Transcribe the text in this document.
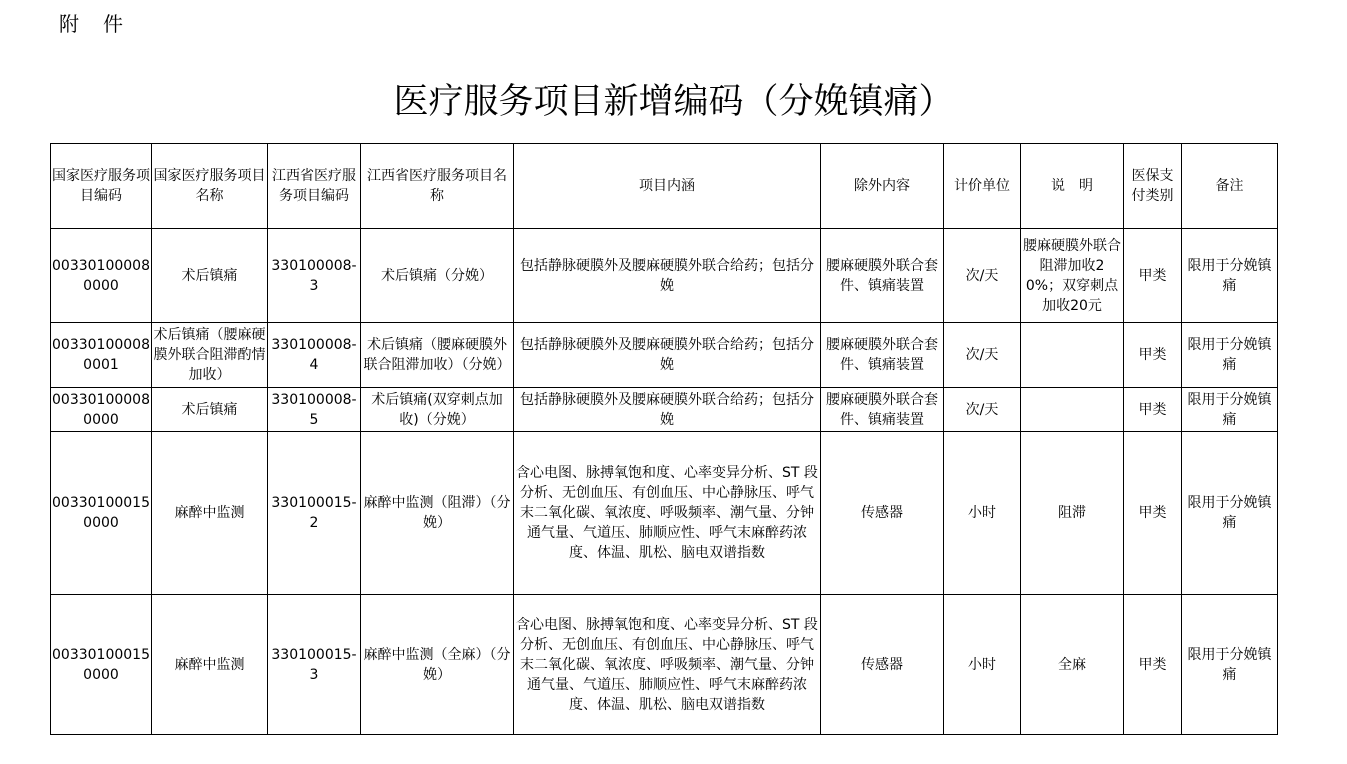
附　件
医疗服务项目新增编码（分娩镇痛）
国家医疗服务项目编码	国家医疗服务项目名称	江西省医疗服务项目编码	江西省医疗服务项目名称	项目内涵	除外内容	计价单位	说　明	医保支付类别	备注
003301000080000	术后镇痛	330100008-3	术后镇痛（分娩）	包括静脉硬膜外及腰麻硬膜外联合给药；包括分娩	腰麻硬膜外联合套件、镇痛装置	次/天	腰麻硬膜外联合阻滞加收20%；双穿刺点加收20元	甲类	限用于分娩镇痛
003301000080001	术后镇痛（腰麻硬膜外联合阻滞酌情加收）	330100008-4	术后镇痛（腰麻硬膜外联合阻滞加收）（分娩）	包括静脉硬膜外及腰麻硬膜外联合给药；包括分娩	腰麻硬膜外联合套件、镇痛装置	次/天		甲类	限用于分娩镇痛
003301000080000	术后镇痛	330100008-5	术后镇痛(双穿刺点加收)（分娩）	包括静脉硬膜外及腰麻硬膜外联合给药；包括分娩	腰麻硬膜外联合套件、镇痛装置	次/天		甲类	限用于分娩镇痛
003301000150000	麻醉中监测	330100015-2	麻醉中监测（阻滞）（分娩）	含心电图、脉搏氧饱和度、心率变异分析、ST 段分析、无创血压、有创血压、中心静脉压、呼气末二氧化碳、氧浓度、呼吸频率、潮气量、分钟通气量、气道压、肺顺应性、呼气末麻醉药浓度、体温、肌松、脑电双谱指数	传感器	小时	阻滞	甲类	限用于分娩镇痛
003301000150000	麻醉中监测	330100015-3	麻醉中监测（全麻）（分娩）	含心电图、脉搏氧饱和度、心率变异分析、ST 段分析、无创血压、有创血压、中心静脉压、呼气末二氧化碳、氧浓度、呼吸频率、潮气量、分钟通气量、气道压、肺顺应性、呼气末麻醉药浓度、体温、肌松、脑电双谱指数	传感器	小时	全麻	甲类	限用于分娩镇痛
